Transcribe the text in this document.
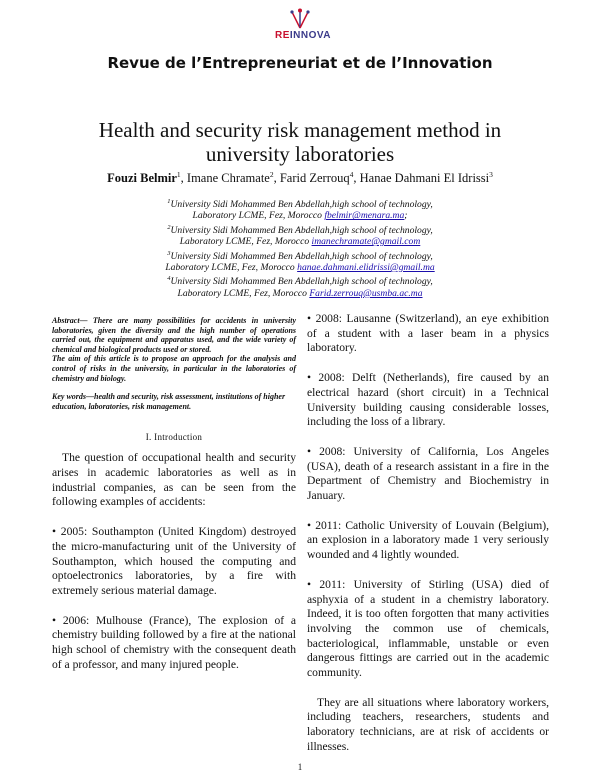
REINNOVA
Revue de l’Entrepreneuriat et de l’Innovation
Health and security risk management method in
university laboratories
Fouzi Belmir$^1$, Imane Chramate$^2$, Farid Zerrouq$^4$, Hanae Dahmani El Idrissi$^3$
$^1$University Sidi Mohammed Ben Abdellah,high school of technology,
Laboratory LCME, Fez, Morocco fbelmir@menara.ma;
$^2$University Sidi Mohammed Ben Abdellah,high school of technology,
Laboratory LCME, Fez, Morocco imanechramate@gmail.com
$^3$University Sidi Mohammed Ben Abdellah,high school of technology,
Laboratory LCME, Fez, Morocco hanae.dahmani.elidrissi@gmail.ma
$^4$University Sidi Mohammed Ben Abdellah,high school of technology,
Laboratory LCME, Fez, Morocco Farid.zerrouq@usmba.ac.ma

Abstract— There are many possibilities for accidents in university laboratories, given the diversity and the high number of operations carried out, the equipment and apparatus used, and the wide variety of chemical and biological products used or stored.

The aim of this article is to propose an approach for the analysis and control of risks in the university, in particular in the laboratories of chemistry and biology.

Key words—health and security, risk assessment, institutions of higher education, laboratories, risk management.
I. Introduction

The question of occupational health and security arises in academic laboratories as well as in industrial companies, as can be seen from the following examples of accidents:

• 2005: Southampton (United Kingdom) destroyed the micro-manufacturing unit of the University of Southampton, which housed the computing and optoelectronics laboratories, by a fire with extremely serious material damage.

• 2006: Mulhouse (France), The explosion of a chemistry building followed by a fire at the national high school of chemistry with the consequent death of a professor, and many injured people.

• 2008: Lausanne (Switzerland), an eye exhibition of a student with a laser beam in a physics laboratory.

• 2008: Delft (Netherlands), fire caused by an electrical hazard (short circuit) in a Technical University building causing considerable losses, including the loss of a library.

• 2008: University of California, Los Angeles (USA), death of a research assistant in a fire in the Department of Chemistry and Biochemistry in January.

• 2011: Catholic University of Louvain (Belgium), an explosion in a laboratory made 1 very seriously wounded and 4 lightly wounded.

• 2011: University of Stirling (USA) died of asphyxia of a student in a chemistry laboratory. Indeed, it is too often forgotten that many activities involving the common use of chemicals, bacteriological, inflammable, unstable or even dangerous fittings are carried out in the academic community.

They are all situations where laboratory workers, including teachers, researchers, students and laboratory technicians, are at risk of accidents or illnesses.

1
